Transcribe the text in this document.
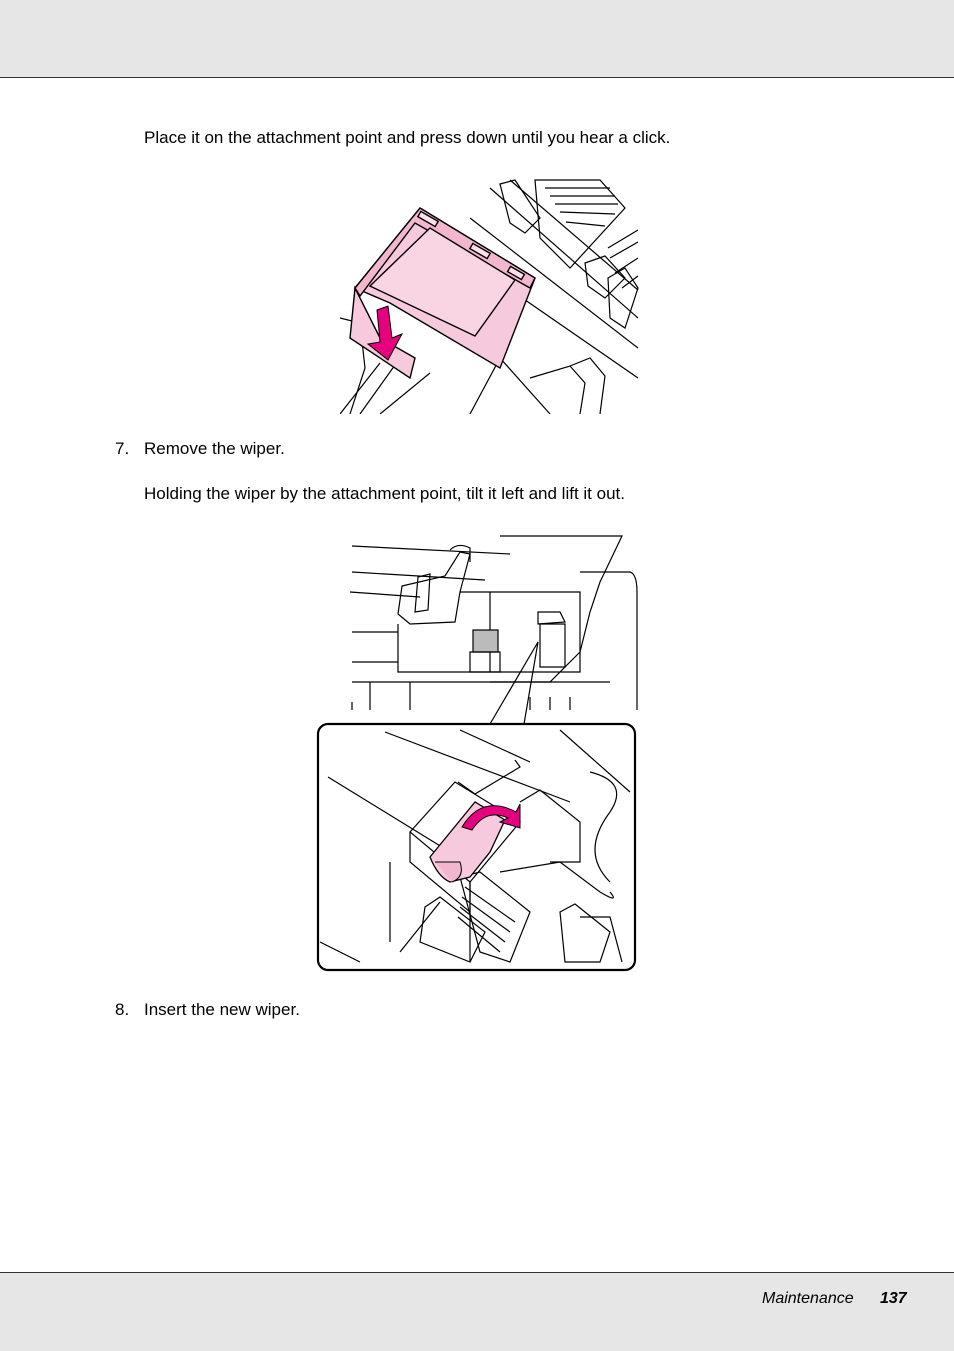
Place it on the attachment point and press down until you hear a click.
7. Remove the wiper.
Holding the wiper by the attachment point, tilt it left and lift it out.
8. Insert the new wiper.
Maintenance 137
